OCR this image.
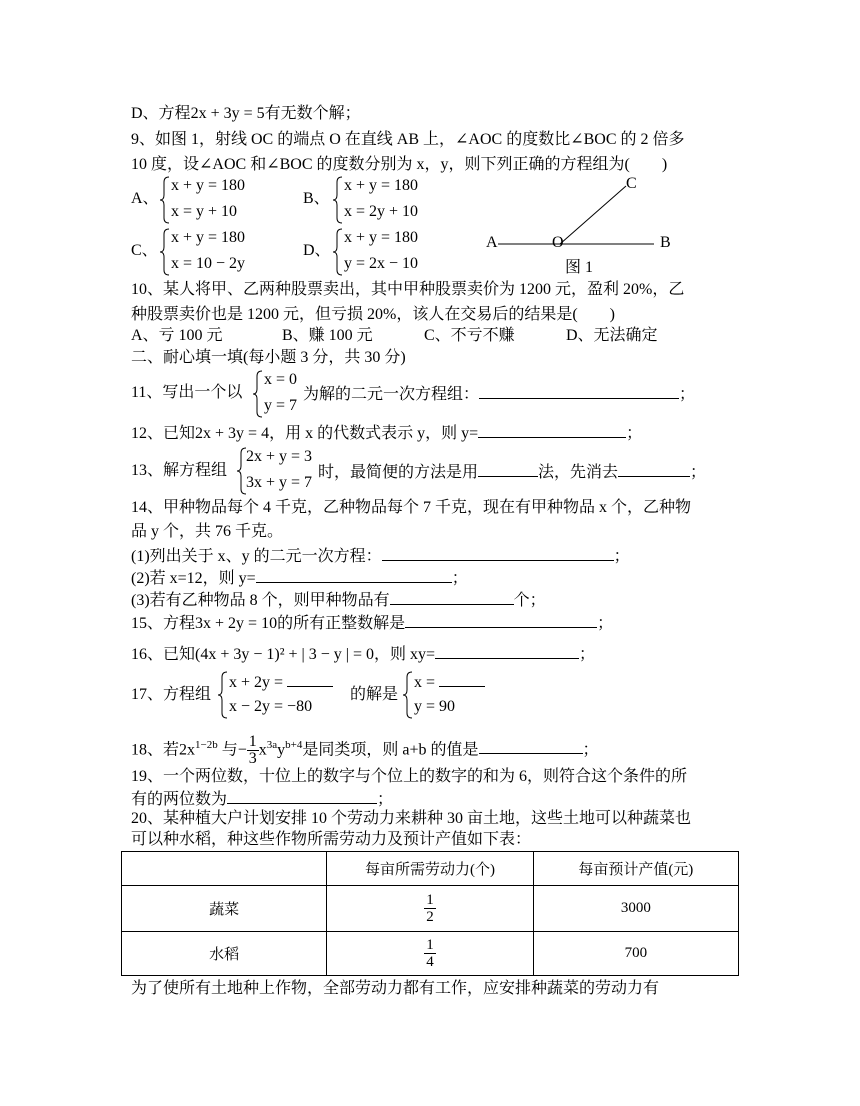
D、方程2x + 3y = 5有无数个解；
9、如图 1，射线 OC 的端点 O 在直线 AB 上，∠AOC 的度数比∠BOC 的 2 倍多
10 度，设∠AOC 和∠BOC 的度数分别为 x，y，则下列正确的方程组为(　　)
A、
x + y = 180
x = y + 10
B、
x + y = 180
x = 2y + 10
C、
x + y = 180
x = 10 − 2y
D、
x + y = 180
y = 2x − 10
A	O	B
C
图 1
10、某人将甲、乙两种股票卖出，其中甲种股票卖价为 1200 元，盈利 20%，乙
种股票卖价也是 1200 元，但亏损 20%，该人在交易后的结果是(　　)
A、亏 100 元	B、赚 100 元	C、不亏不赚	D、无法确定
二、耐心填一填(每小题 3 分，共 30 分)
11、写出一个以
x = 0
y = 7
为解的二元一次方程组：	；
12、已知2x + 3y = 4，用 x 的代数式表示 y，则 y=	；
13、解方程组
2x + y = 3
3x + y = 7
时，最简便的方法是用	法，先消去	；
14、甲种物品每个 4 千克，乙种物品每个 7 千克，现在有甲种物品 x 个，乙种物
品 y 个，共 76 千克。
(1)列出关于 x、y 的二元一次方程：	；
(2)若 x=12，则 y=	；
(3)若有乙种物品 8 个，则甲种物品有	个；
15、方程3x + 2y = 10的所有正整数解是	；
16、已知(4x + 3y − 1)² + | 3 − y | = 0，则 xy=	；
17、方程组
x + 2y =
x − 2y = −80
的解是
x =
y = 90
18、若$2x^{1-2b}$ 与− $\frac{1}{3} x^{3a}y^{b+4}$是同类项，则 a+b 的值是	；
19、一个两位数，十位上的数字与个位上的数字的和为 6，则符合这个条件的所
有的两位数为	；
20、某种植大户计划安排 10 个劳动力来耕种 30 亩土地，这些土地可以种蔬菜也
可以种水稻，种这些作物所需劳动力及预计产值如下表：
	每亩所需劳动力(个)	每亩预计产值(元)
蔬菜	$\frac{1}{2}$	3000
水稻	$\frac{1}{4}$	700
为了使所有土地种上作物，全部劳动力都有工作，应安排种蔬菜的劳动力有
